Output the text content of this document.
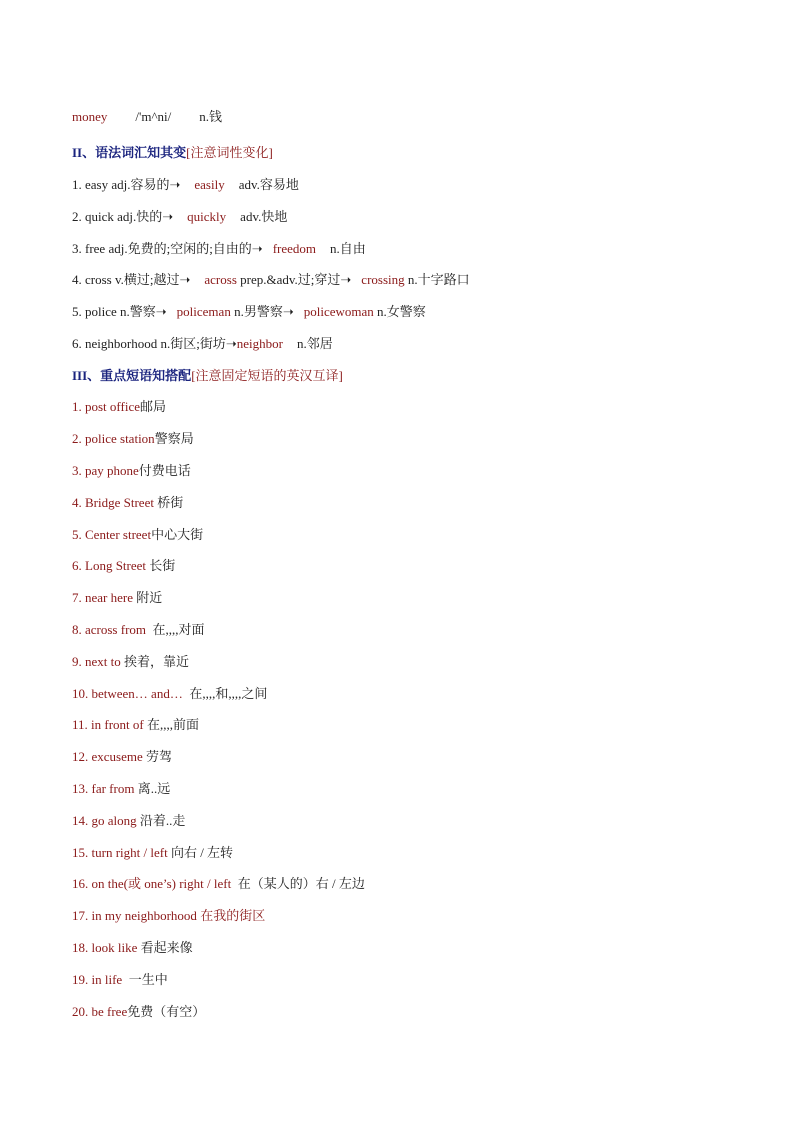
money /'m^ni/ n.钱
II、语法词汇知其变[注意词性变化]
1. easy adj.容易的➝ easily adv.容易地
2. quick adj.快的➝ quickly adv.快地
3. free adj.免费的;空闲的;自由的➝ freedom n.自由
4. cross v.横过;越过➝ across prep.&adv.过;穿过➝ crossing n.十字路口
5. police n.警察➝ policeman n.男警察➝ policewoman n.女警察
6. neighborhood n.街区;街坊➝neighbor n.邻居
III、重点短语知搭配[注意固定短语的英汉互译]
1. post office邮局
2. police station警察局
3. pay phone付费电话
4. Bridge Street 桥街
5. Center street中心大街
6. Long Street 长街
7. near here 附近
8. across from 在,,,,对面
9. next to 挨着，靠近
10. between… and… 在,,,,和,,,,之间
11. in front of 在,,,,前面
12. excuseme 劳驾
13. far from 离..远
14. go along 沿着..走
15. turn right / left 向右 / 左转
16. on the(或 one’s) right / left 在（某人的）右 / 左边
17. in my neighborhood 在我的街区
18. look like 看起来像
19. in life 一生中
20. be free免费（有空）
